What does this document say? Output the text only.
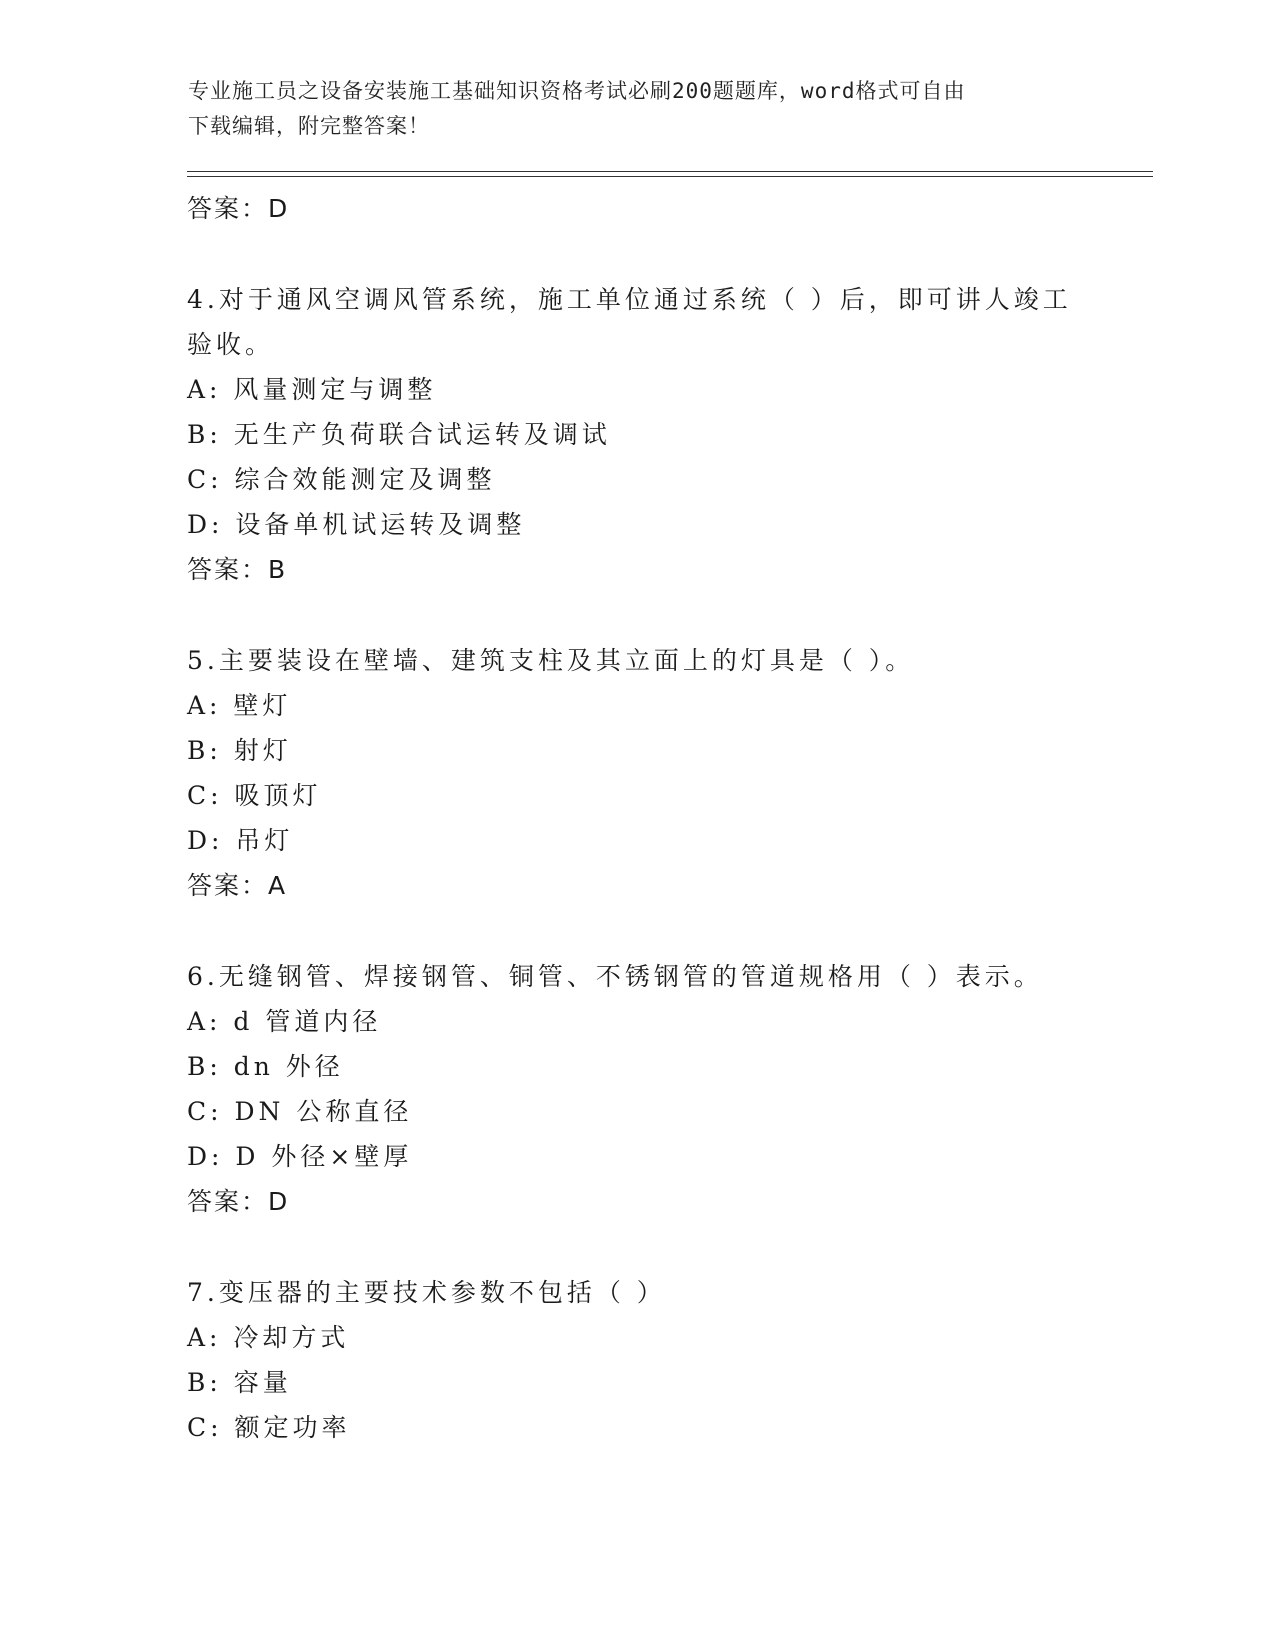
专业施工员之设备安装施工基础知识资格考试必刷200题题库，word格式可自由
下载编辑，附完整答案！
答案：D
4.对于通风空调风管系统，施工单位通过系统（ ）后，即可讲人竣工
验收。
A: 风量测定与调整
B: 无生产负荷联合试运转及调试
C: 综合效能测定及调整
D: 设备单机试运转及调整
答案：B
5.主要装设在壁墙、建筑支柱及其立面上的灯具是（ ）。
A: 壁灯
B: 射灯
C: 吸顶灯
D: 吊灯
答案：A
6.无缝钢管、焊接钢管、铜管、不锈钢管的管道规格用（ ）表示。
A: d 管道内径
B: dn 外径
C: DN 公称直径
D: D 外径×壁厚
答案：D
7.变压器的主要技术参数不包括（ ）
A: 冷却方式
B: 容量
C: 额定功率
